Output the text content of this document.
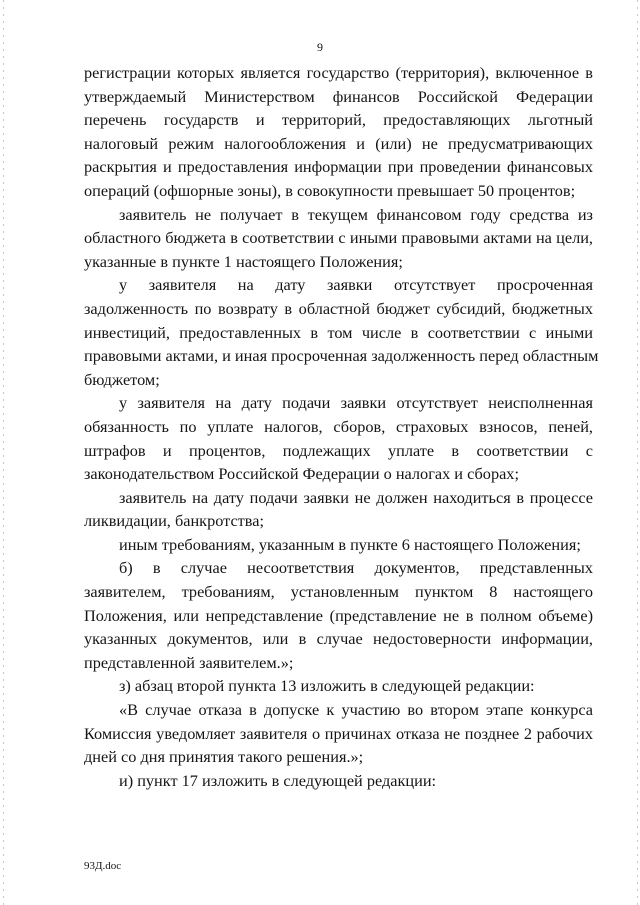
9
регистрации которых является государство (территория), включенное в
утверждаемый Министерством финансов Российской Федерации
перечень государств и территорий, предоставляющих льготный
налоговый режим налогообложения и (или) не предусматривающих
раскрытия и предоставления информации при проведении финансовых
операций (офшорные зоны), в совокупности превышает 50 процентов;
заявитель не получает в текущем финансовом году средства из
областного бюджета в соответствии с иными правовыми актами на цели,
указанные в пункте 1 настоящего Положения;
у заявителя на дату заявки отсутствует просроченная
задолженность по возврату в областной бюджет субсидий, бюджетных
инвестиций, предоставленных в том числе в соответствии с иными
правовыми актами, и иная просроченная задолженность перед областным
бюджетом;
у заявителя на дату подачи заявки отсутствует неисполненная
обязанность по уплате налогов, сборов, страховых взносов, пеней,
штрафов и процентов, подлежащих уплате в соответствии с
законодательством Российской Федерации о налогах и сборах;
заявитель на дату подачи заявки не должен находиться в процессе
ликвидации, банкротства;
иным требованиям, указанным в пункте 6 настоящего Положения;
б) в случае несоответствия документов, представленных
заявителем, требованиям, установленным пунктом 8 настоящего
Положения, или непредставление (представление не в полном объеме)
указанных документов, или в случае недостоверности информации,
представленной заявителем.»;
з) абзац второй пункта 13 изложить в следующей редакции:
«В случае отказа в допуске к участию во втором этапе конкурса
Комиссия уведомляет заявителя о причинах отказа не позднее 2 рабочих
дней со дня принятия такого решения.»;
и) пункт 17 изложить в следующей редакции:
93Д.doc
